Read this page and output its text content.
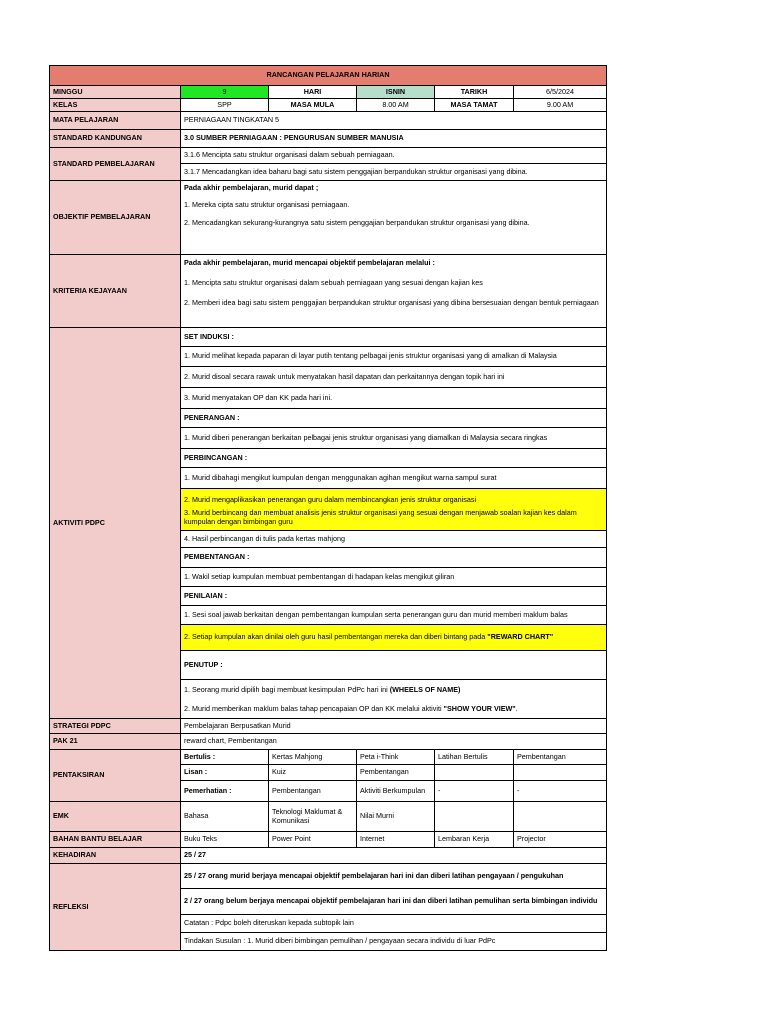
RANCANGAN PELAJARAN HARIAN					
MINGGU	9	HARI	ISNIN	TARIKH	6/5/2024
KELAS	SPP	MASA MULA	8.00 AM	MASA TAMAT	9.00 AM
MATA PELAJARAN	PERNIAGAAN TINGKATAN 5				
STANDARD KANDUNGAN	3.0 SUMBER PERNIAGAAN : PENGURUSAN SUMBER MANUSIA				
STANDARD PEMBELAJARAN	3.1.6 Mencipta satu struktur organisasi dalam sebuah perniagaan.				
	3.1.7 Mencadangkan idea baharu bagi satu sistem penggajian berpandukan struktur organisasi yang dibina.				
OBJEKTIF PEMBELAJARAN	Pada akhir pembelajaran, murid dapat ;
1. Mereka cipta satu struktur organisasi perniagaan.
2. Mencadangkan sekurang-kurangnya satu sistem penggajian berpandukan struktur organisasi yang dibina.				

KRITERIA KEJAYAAN	Pada akhir pembelajaran, murid mencapai objektif pembelajaran melalui :
1. Mencipta satu struktur organisasi dalam sebuah perniagaan yang sesuai dengan kajian kes
2. Memberi idea bagi satu sistem penggajian berpandukan struktur organisasi yang dibina bersesuaian dengan bentuk perniagaan				

AKTIVITI PDPC	SET INDUKSI :				
	1. Murid melihat kepada paparan di layar putih tentang pelbagai jenis struktur organisasi yang di amalkan di Malaysia				
	2. Murid disoal secara rawak untuk menyatakan hasil dapatan dan perkaitannya dengan topik hari ini				
	3. Murid menyatakan OP dan KK pada hari ini.				
	PENERANGAN :				
	1. Murid diberi penerangan berkaitan pelbagai jenis struktur organisasi yang diamalkan di Malaysia secara ringkas				
	PERBINCANGAN :				
	1. Murid dibahagi mengikut kumpulan dengan menggunakan agihan mengikut warna sampul surat				
	2. Murid mengaplikasikan penerangan guru dalam membincangkan jenis struktur organisasi				
	3. Murid berbincang dan membuat analisis jenis struktur organisasi yang sesuai dengan menjawab soalan kajian kes dalam kumpulan dengan bimbingan guru				
	4. Hasil perbincangan di tulis pada kertas mahjong				
	PEMBENTANGAN :				
	1. Wakil setiap kumpulan membuat pembentangan di hadapan kelas mengikut giliran				
	PENILAIAN :				
	1. Sesi soal jawab berkaitan dengan pembentangan kumpulan serta penerangan guru dan murid memberi maklum balas				
	2. Setiap kumpulan akan dinilai oleh guru hasil pembentangan mereka dan diberi bintang pada "REWARD CHART"				
	PENUTUP :				
	1. Seorang murid dipilih bagi membuat kesimpulan PdPc hari ini (WHEELS OF NAME)				
	2. Murid memberikan maklum balas tahap pencapaian OP dan KK melalui aktiviti "SHOW YOUR VIEW".				
STRATEGI PDPC	Pembelajaran Berpusatkan Murid				
PAK 21	reward chart, Pembentangan				
PENTAKSIRAN	Bertulis :	Kertas Mahjong	Peta i-Think	Latihan Bertulis	Pembentangan
	Lisan :	Kuiz	Pembentangan		
	Pemerhatian :	Pembentangan	Aktiviti Berkumpulan	-	-
EMK	Bahasa	Teknologi Maklumat & Komunikasi	Nilai Murni		
BAHAN BANTU BELAJAR	Buku Teks	Power Point	Internet	Lembaran Kerja	Projector
KEHADIRAN	25 / 27				
REFLEKSI	25 / 27 orang murid berjaya mencapai objektif pembelajaran hari ini dan diberi latihan pengayaan / pengukuhan				
	2 / 27 orang belum berjaya mencapai objektif pembelajaran hari ini dan diberi latihan pemulihan serta bimbingan individu				
	Catatan : Pdpc boleh diteruskan kepada subtopik lain				
	Tindakan Susulan : 1. Murid diberi bimbingan pemulihan / pengayaan secara individu di luar PdPc				
